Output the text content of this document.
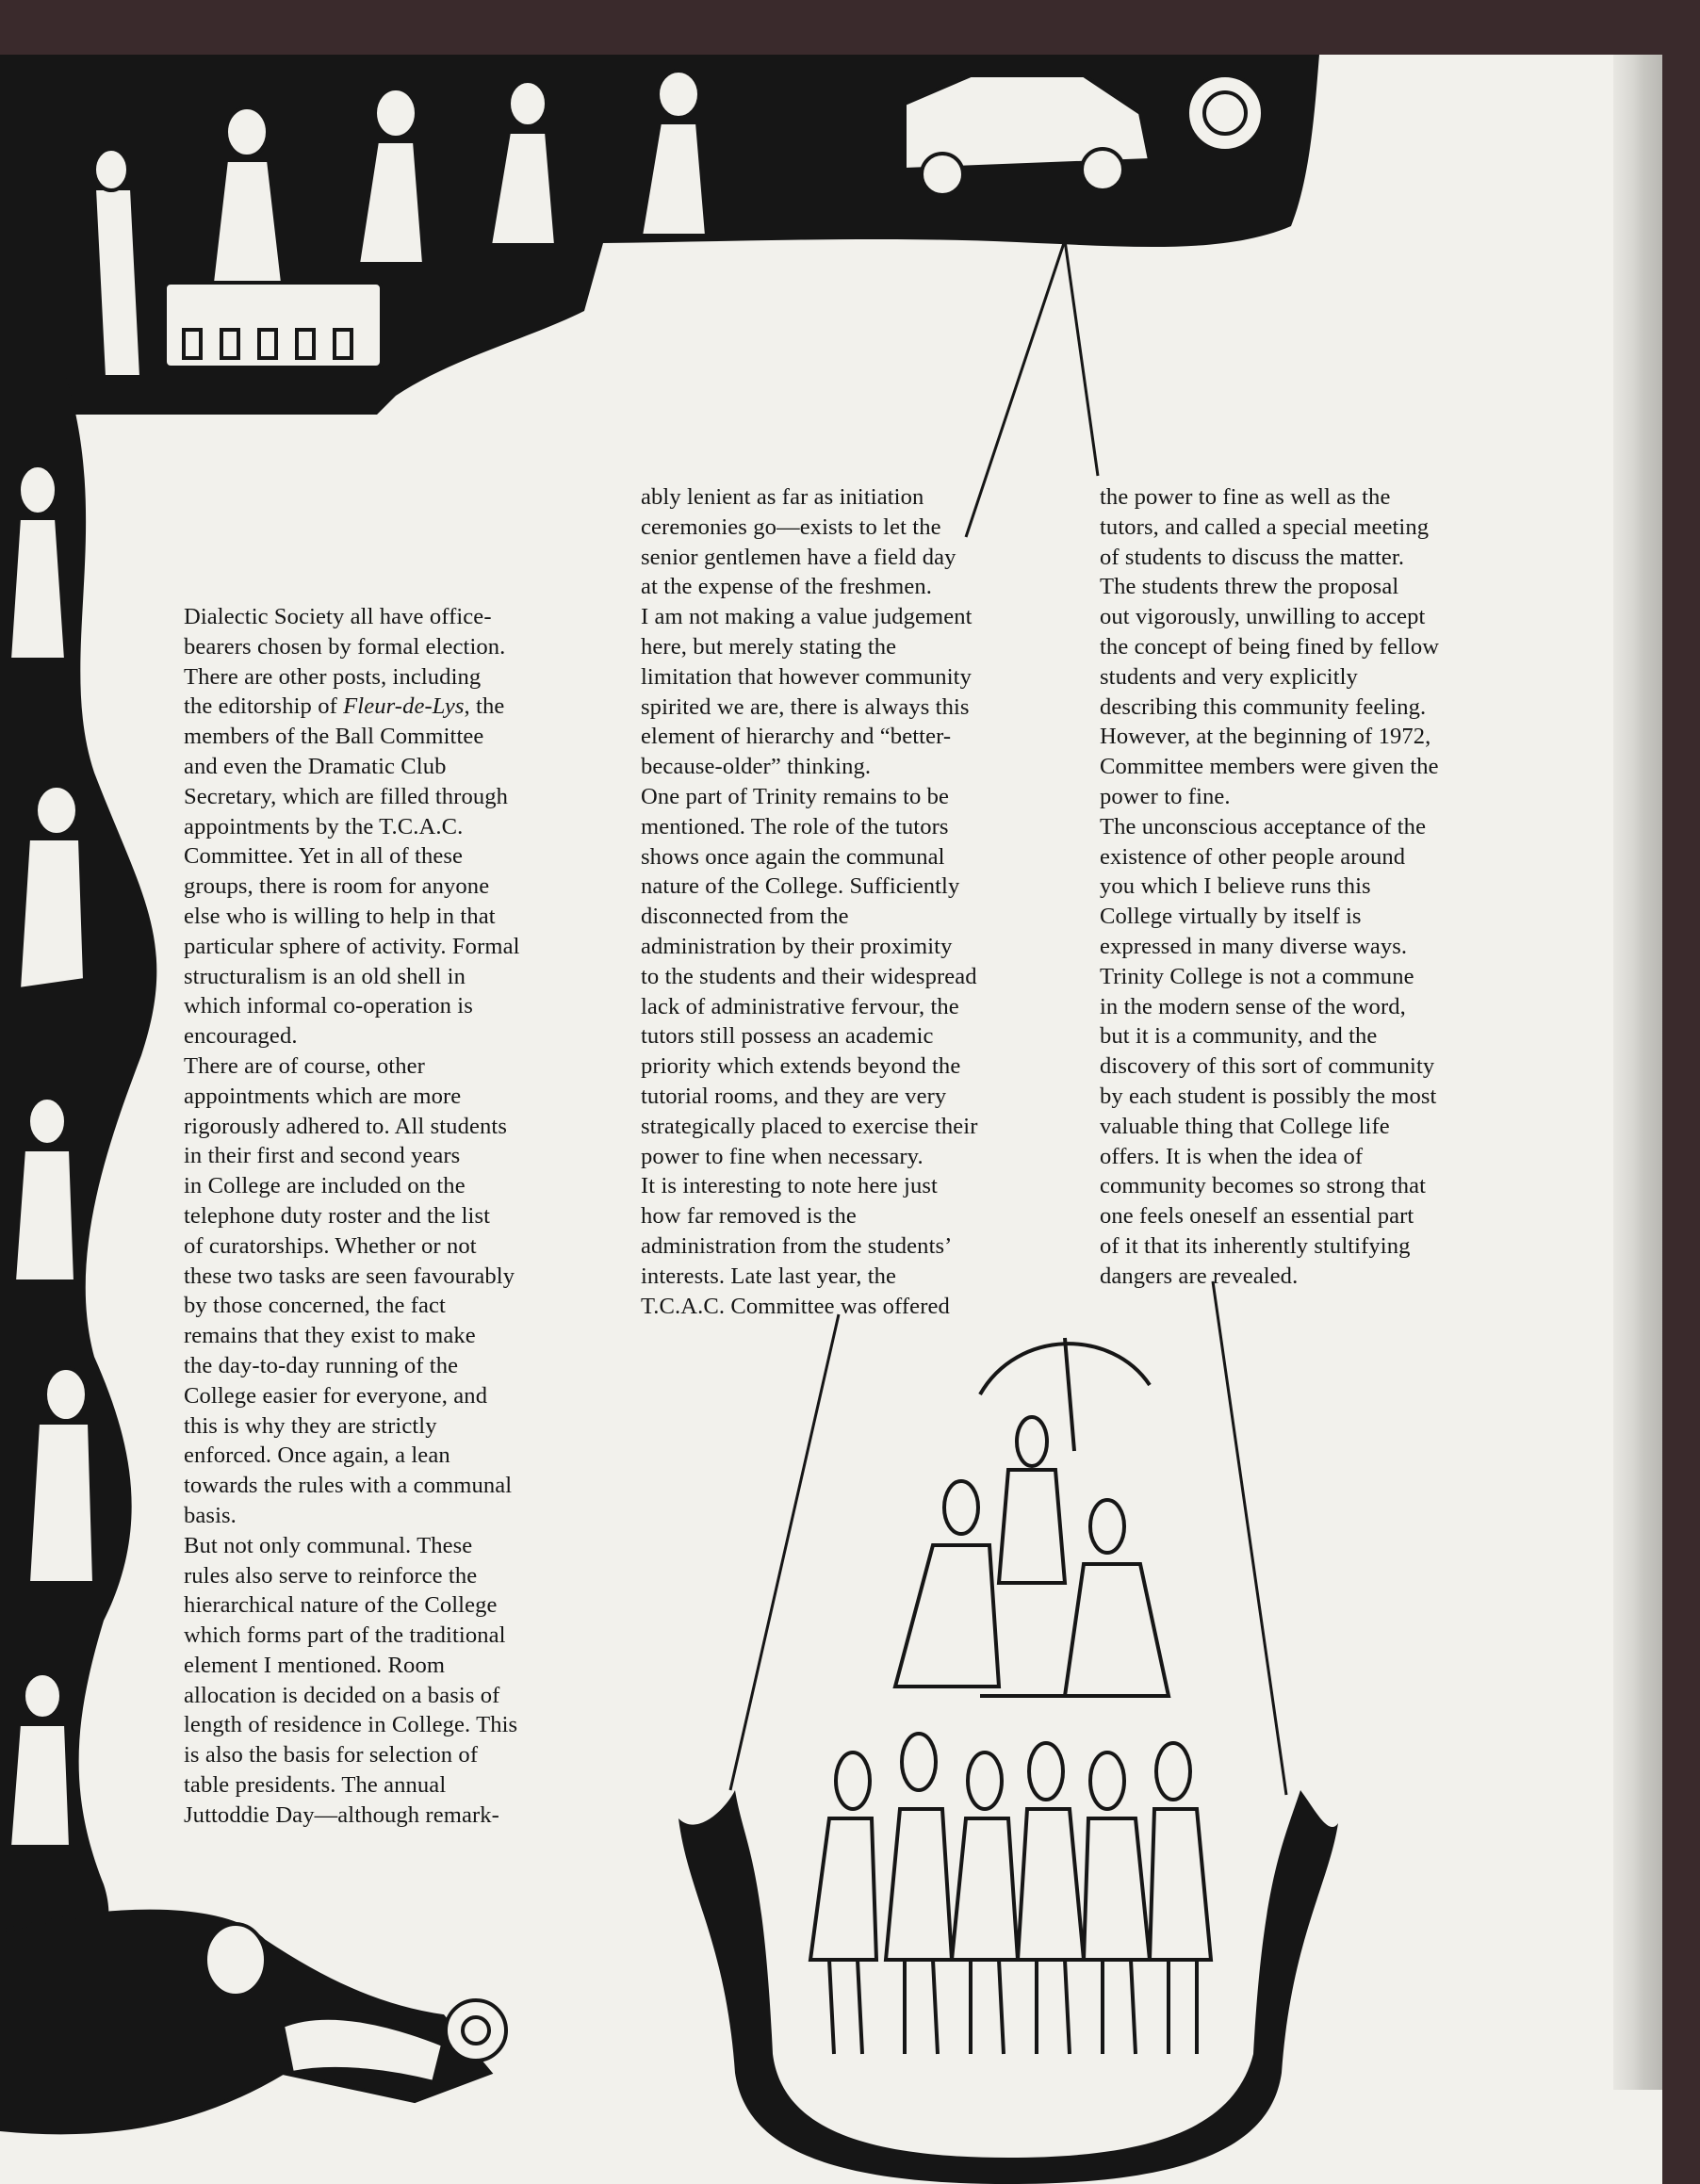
Dialectic Society all have office-
bearers chosen by formal election.
There are other posts, including
the editorship of Fleur-de-Lys, the
members of the Ball Committee
and even the Dramatic Club
Secretary, which are filled through
appointments by the T.C.A.C.
Committee. Yet in all of these
groups, there is room for anyone
else who is willing to help in that
particular sphere of activity. Formal
structuralism is an old shell in
which informal co-operation is
encouraged.
There are of course, other
appointments which are more
rigorously adhered to. All students
in their first and second years
in College are included on the
telephone duty roster and the list
of curatorships. Whether or not
these two tasks are seen favourably
by those concerned, the fact
remains that they exist to make
the day-to-day running of the
College easier for everyone, and
this is why they are strictly
enforced. Once again, a lean
towards the rules with a communal
basis.
But not only communal. These
rules also serve to reinforce the
hierarchical nature of the College
which forms part of the traditional
element I mentioned. Room
allocation is decided on a basis of
length of residence in College. This
is also the basis for selection of
table presidents. The annual
Juttoddie Day—although remark-
ably lenient as far as initiation
ceremonies go—exists to let the
senior gentlemen have a field day
at the expense of the freshmen.
I am not making a value judgement
here, but merely stating the
limitation that however community
spirited we are, there is always this
element of hierarchy and “better-
because-older” thinking.
One part of Trinity remains to be
mentioned. The role of the tutors
shows once again the communal
nature of the College. Sufficiently
disconnected from the
administration by their proximity
to the students and their widespread
lack of administrative fervour, the
tutors still possess an academic
priority which extends beyond the
tutorial rooms, and they are very
strategically placed to exercise their
power to fine when necessary.
It is interesting to note here just
how far removed is the
administration from the students’
interests. Late last year, the
T.C.A.C. Committee was offered
the power to fine as well as the
tutors, and called a special meeting
of students to discuss the matter.
The students threw the proposal
out vigorously, unwilling to accept
the concept of being fined by fellow
students and very explicitly
describing this community feeling.
However, at the beginning of 1972,
Committee members were given the
power to fine.
The unconscious acceptance of the
existence of other people around
you which I believe runs this
College virtually by itself is
expressed in many diverse ways.
Trinity College is not a commune
in the modern sense of the word,
but it is a community, and the
discovery of this sort of community
by each student is possibly the most
valuable thing that College life
offers. It is when the idea of
community becomes so strong that
one feels oneself an essential part
of it that its inherently stultifying
dangers are revealed.
